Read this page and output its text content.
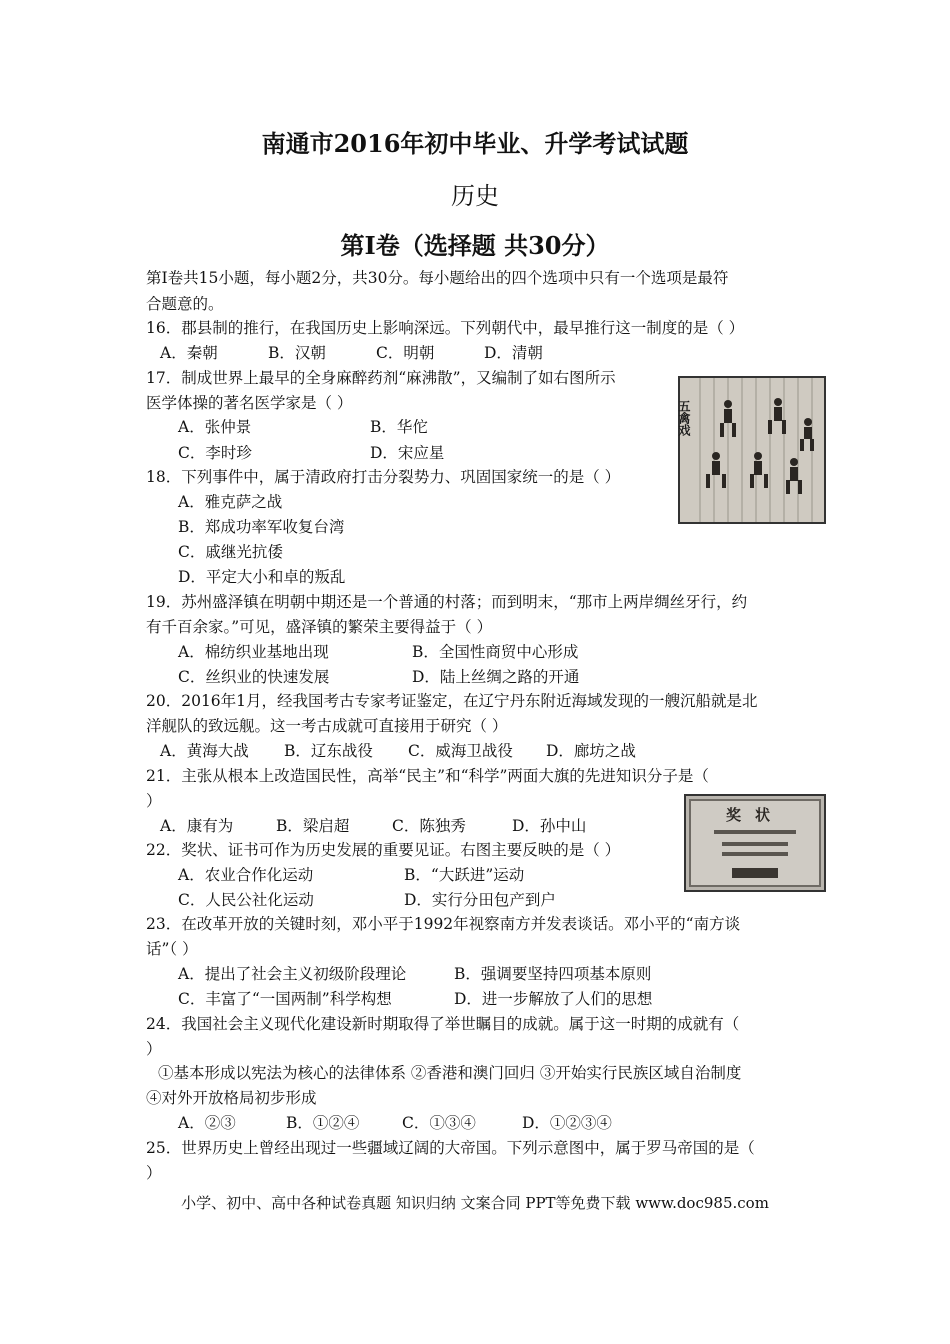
南通市2016年初中毕业、升学考试试题
历史
第Ⅰ卷（选择题 共30分）
第Ⅰ卷共15小题，每小题2分，共30分。每小题给出的四个选项中只有一个选项是最符
合题意的。
16．郡县制的推行，在我国历史上影响深远。下列朝代中，最早推行这一制度的是（ ）
A．秦朝	B．汉朝	C．明朝	D．清朝
17．制成世界上最早的全身麻醉药剂“麻沸散”，又编制了如右图所示
医学体操的著名医学家是（ ）
A．张仲景	B．华佗
C．李时珍	D．宋应星
五禽戏
18．下列事件中，属于清政府打击分裂势力、巩固国家统一的是（ ）
A．雅克萨之战
B．郑成功率军收复台湾
C．戚继光抗倭
D．平定大小和卓的叛乱
19．苏州盛泽镇在明朝中期还是一个普通的村落；而到明末，“那市上两岸绸丝牙行，约
有千百余家。”可见，盛泽镇的繁荣主要得益于（ ）
A．棉纺织业基地出现	B．全国性商贸中心形成
C．丝织业的快速发展	D．陆上丝绸之路的开通
20．2016年1月，经我国考古专家考证鉴定，在辽宁丹东附近海域发现的一艘沉船就是北
洋舰队的致远舰。这一考古成就可直接用于研究（ ）
A．黄海大战 B．辽东战役 C．威海卫战役 D．廊坊之战
21．主张从根本上改造国民性，高举“民主”和“科学”两面大旗的先进知识分子是（
）
A．康有为	B．梁启超	C．陈独秀	D．孙中山
奖状
22．奖状、证书可作为历史发展的重要见证。右图主要反映的是（ ）
A．农业合作化运动	B．“大跃进”运动
C．人民公社化运动	D．实行分田包产到户
23．在改革开放的关键时刻，邓小平于1992年视察南方并发表谈话。邓小平的“南方谈
话”（ ）
A．提出了社会主义初级阶段理论	B．强调要坚持四项基本原则
C．丰富了“一国两制”科学构想	D．进一步解放了人们的思想
24．我国社会主义现代化建设新时期取得了举世瞩目的成就。属于这一时期的成就有（
）
①基本形成以宪法为核心的法律体系 ②香港和澳门回归 ③开始实行民族区域自治制度
④对外开放格局初步形成
A．②③	B．①②④	C．①③④	D．①②③④
25．世界历史上曾经出现过一些疆域辽阔的大帝国。下列示意图中，属于罗马帝国的是（
）
小学、初中、高中各种试卷真题 知识归纳 文案合同 PPT等免费下载 www.doc985.com
